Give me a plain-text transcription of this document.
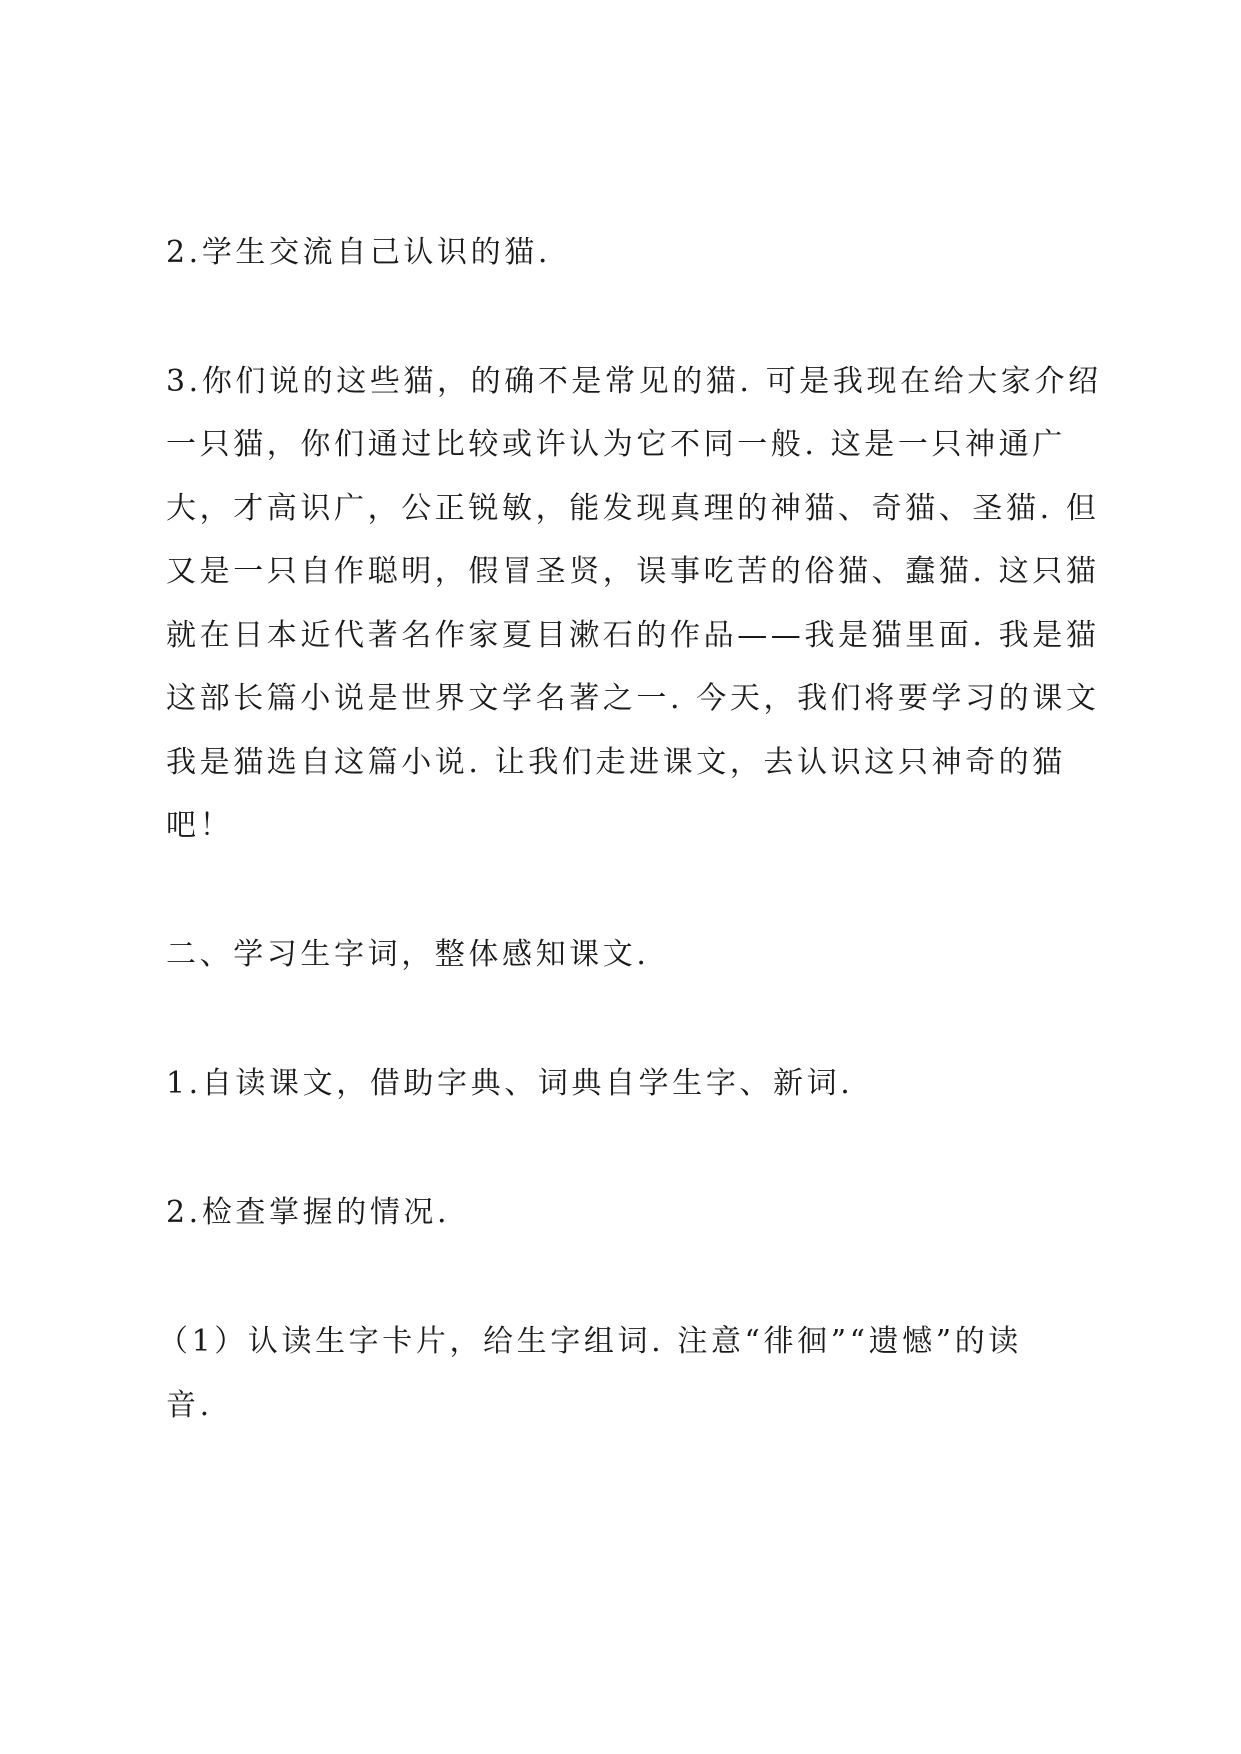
2.学生交流自己认识的猫.
3.你们说的这些猫，的确不是常见的猫. 可是我现在给大家介绍
一只猫，你们通过比较或许认为它不同一般. 这是一只神通广
大，才高识广，公正锐敏，能发现真理的神猫、奇猫、圣猫. 但
又是一只自作聪明，假冒圣贤，误事吃苦的俗猫、蠢猫. 这只猫
就在日本近代著名作家夏目漱石的作品——我是猫里面. 我是猫
这部长篇小说是世界文学名著之一. 今天，我们将要学习的课文
我是猫选自这篇小说. 让我们走进课文，去认识这只神奇的猫
吧！
二、学习生字词，整体感知课文.
1.自读课文，借助字典、词典自学生字、新词.
2.检查掌握的情况.
（1）认读生字卡片，给生字组词. 注意“徘徊”“遗憾”的读
音.
